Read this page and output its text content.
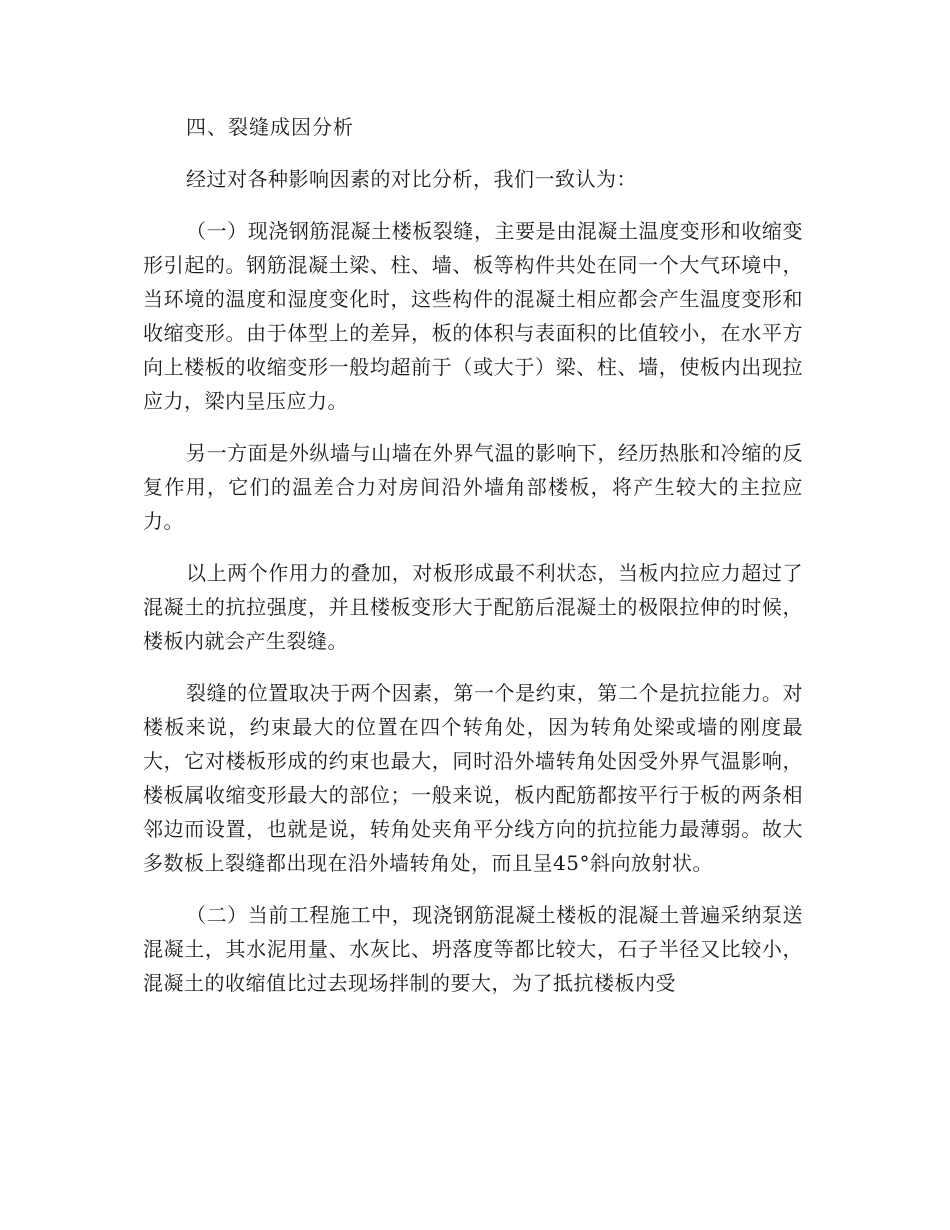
四、裂缝成因分析

经过对各种影响因素的对比分析，我们一致认为：

（一）现浇钢筋混凝土楼板裂缝，主要是由混凝土温度变形和收缩变形引起的。钢筋混凝土梁、柱、墙、板等构件共处在同一个大气环境中，当环境的温度和湿度变化时，这些构件的混凝土相应都会产生温度变形和收缩变形。由于体型上的差异，板的体积与表面积的比值较小，在水平方向上楼板的收缩变形一般均超前于（或大于）梁、柱、墙，使板内出现拉应力，梁内呈压应力。

另一方面是外纵墙与山墙在外界气温的影响下，经历热胀和冷缩的反复作用，它们的温差合力对房间沿外墙角部楼板，将产生较大的主拉应力。

以上两个作用力的叠加，对板形成最不利状态，当板内拉应力超过了混凝土的抗拉强度，并且楼板变形大于配筋后混凝土的极限拉伸的时候，楼板内就会产生裂缝。

裂缝的位置取决于两个因素，第一个是约束，第二个是抗拉能力。对楼板来说，约束最大的位置在四个转角处，因为转角处梁或墙的刚度最大，它对楼板形成的约束也最大，同时沿外墙转角处因受外界气温影响，楼板属收缩变形最大的部位；一般来说，板内配筋都按平行于板的两条相邻边而设置，也就是说，转角处夹角平分线方向的抗拉能力最薄弱。故大多数板上裂缝都出现在沿外墙转角处，而且呈45°斜向放射状。

（二）当前工程施工中，现浇钢筋混凝土楼板的混凝土普遍采纳泵送混凝土，其水泥用量、水灰比、坍落度等都比较大，石子半径又比较小，混凝土的收缩值比过去现场拌制的要大，为了抵抗楼板内受
